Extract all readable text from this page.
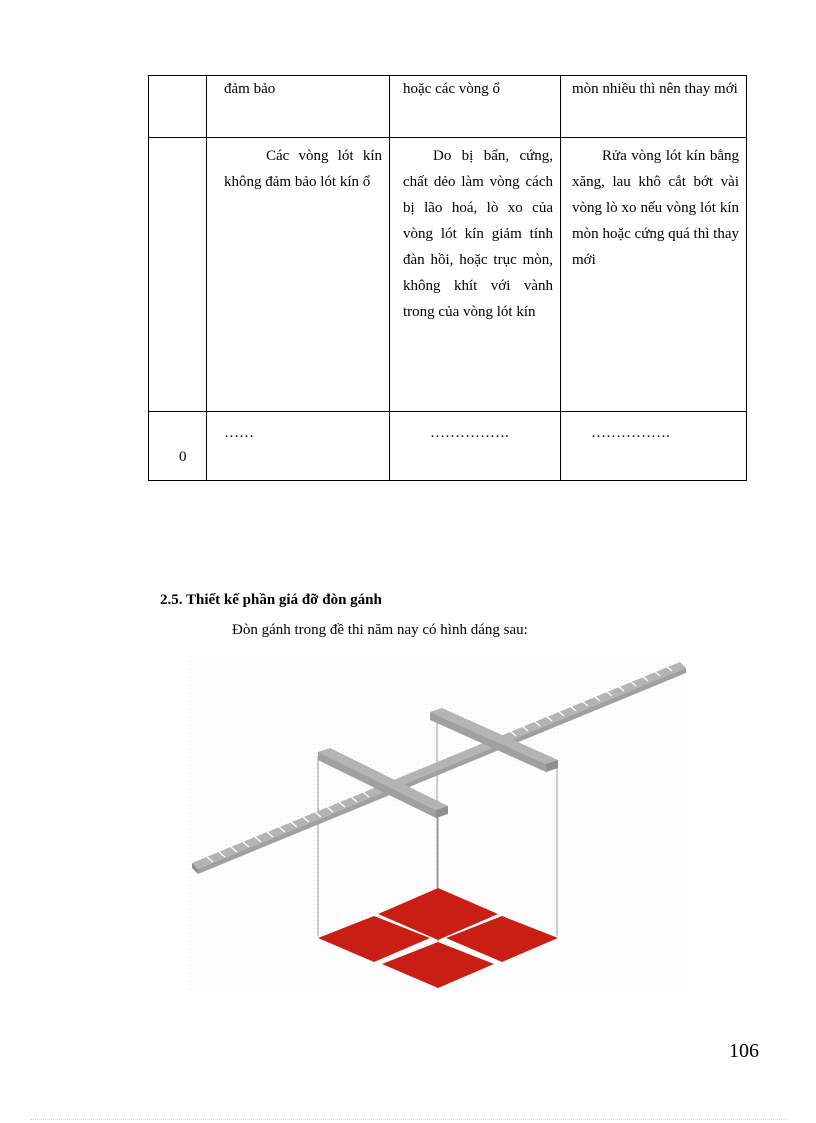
	đảm bảo	hoặc các vòng ổ	mòn nhiều thì nên thay mới

	Các vòng lót kín không đảm bảo lót kín ổ	Do bị bẩn, cứng, chất dẻo làm vòng cách bị lão hoá, lò xo của vòng lót kín giảm tính đàn hồi, hoặc trục mòn, không khít với vành trong của vòng lót kín	Rửa vòng lót kín bằng xăng, lau khô cắt bớt vài vòng lò xo nếu vòng lót kín mòn hoặc cứng quá thì thay mới

0	……	…………….	…………….
2.5. Thiết kế phần giá đỡ đòn gánh

Đòn gánh trong đề thi năm nay có hình dáng sau:

106
